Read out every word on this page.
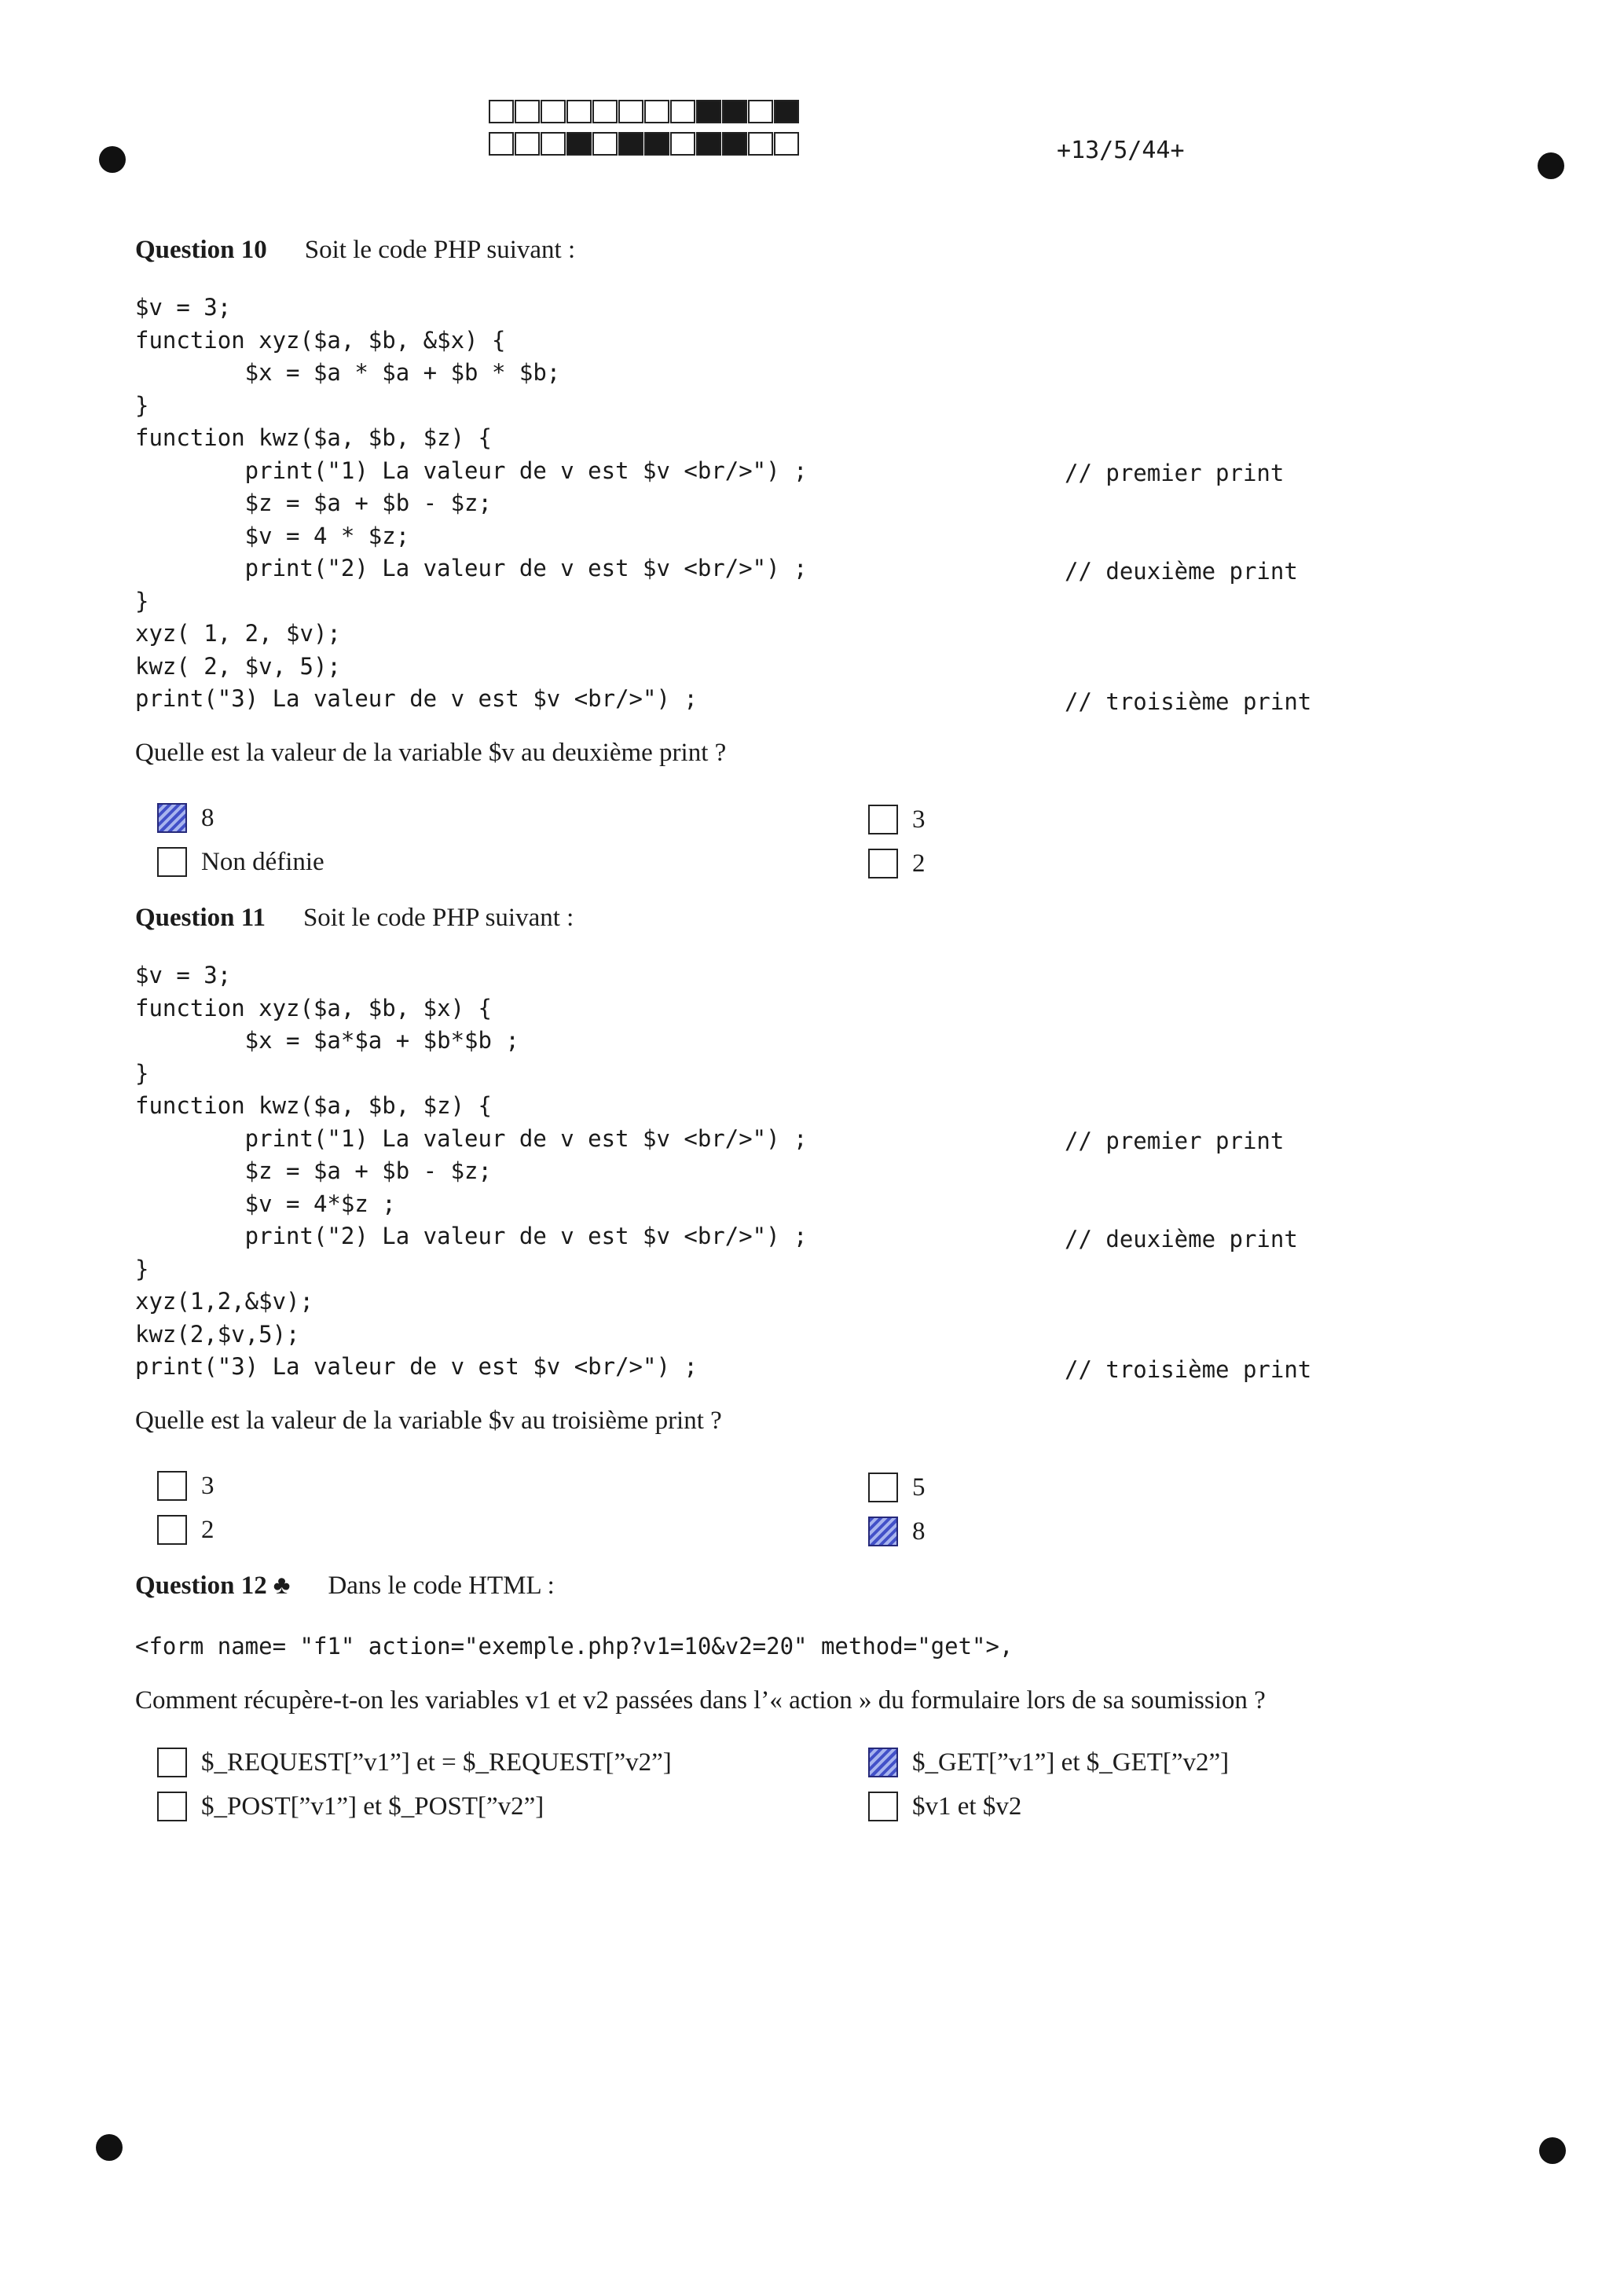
+13/5/44+
Question 10 Soit le code PHP suivant :
$v = 3;
function xyz($a, $b, &$x) {
$x = $a * $a + $b * $b;
}
function kwz($a, $b, $z) {
print("1) La valeur de v est $v <br/>") ;
$z = $a + $b - $z;
$v = 4 * $z;
print("2) La valeur de v est $v <br/>") ;
}
xyz( 1, 2, $v);
kwz( 2, $v, 5);
print("3) La valeur de v est $v <br/>") ;
// premier print
// deuxième print
// troisième print
Quelle est la valeur de la variable $v au deuxième print ?
8	3
Non définie	2
Question 11 Soit le code PHP suivant :
$v = 3;
function xyz($a, $b, $x) {
$x = $a*$a + $b*$b ;
}
function kwz($a, $b, $z) {
print("1) La valeur de v est $v <br/>") ;
$z = $a + $b - $z;
$v = 4*$z ;
print("2) La valeur de v est $v <br/>") ;
}
xyz(1,2,&$v);
kwz(2,$v,5);
print("3) La valeur de v est $v <br/>") ;
// premier print
// deuxième print
// troisième print
Quelle est la valeur de la variable $v au troisième print ?
3	5
2	8
Question 12 ♣ Dans le code HTML :
<form name= "f1" action="exemple.php?v1=10&v2=20" method="get">,
Comment récupère-t-on les variables v1 et v2 passées dans l’« action » du formulaire lors de sa soumission ?
$_REQUEST[”v1”] et = $_REQUEST[”v2”]	$_GET[”v1”] et $_GET[”v2”]
$_POST[”v1”] et $_POST[”v2”]	$v1 et $v2
